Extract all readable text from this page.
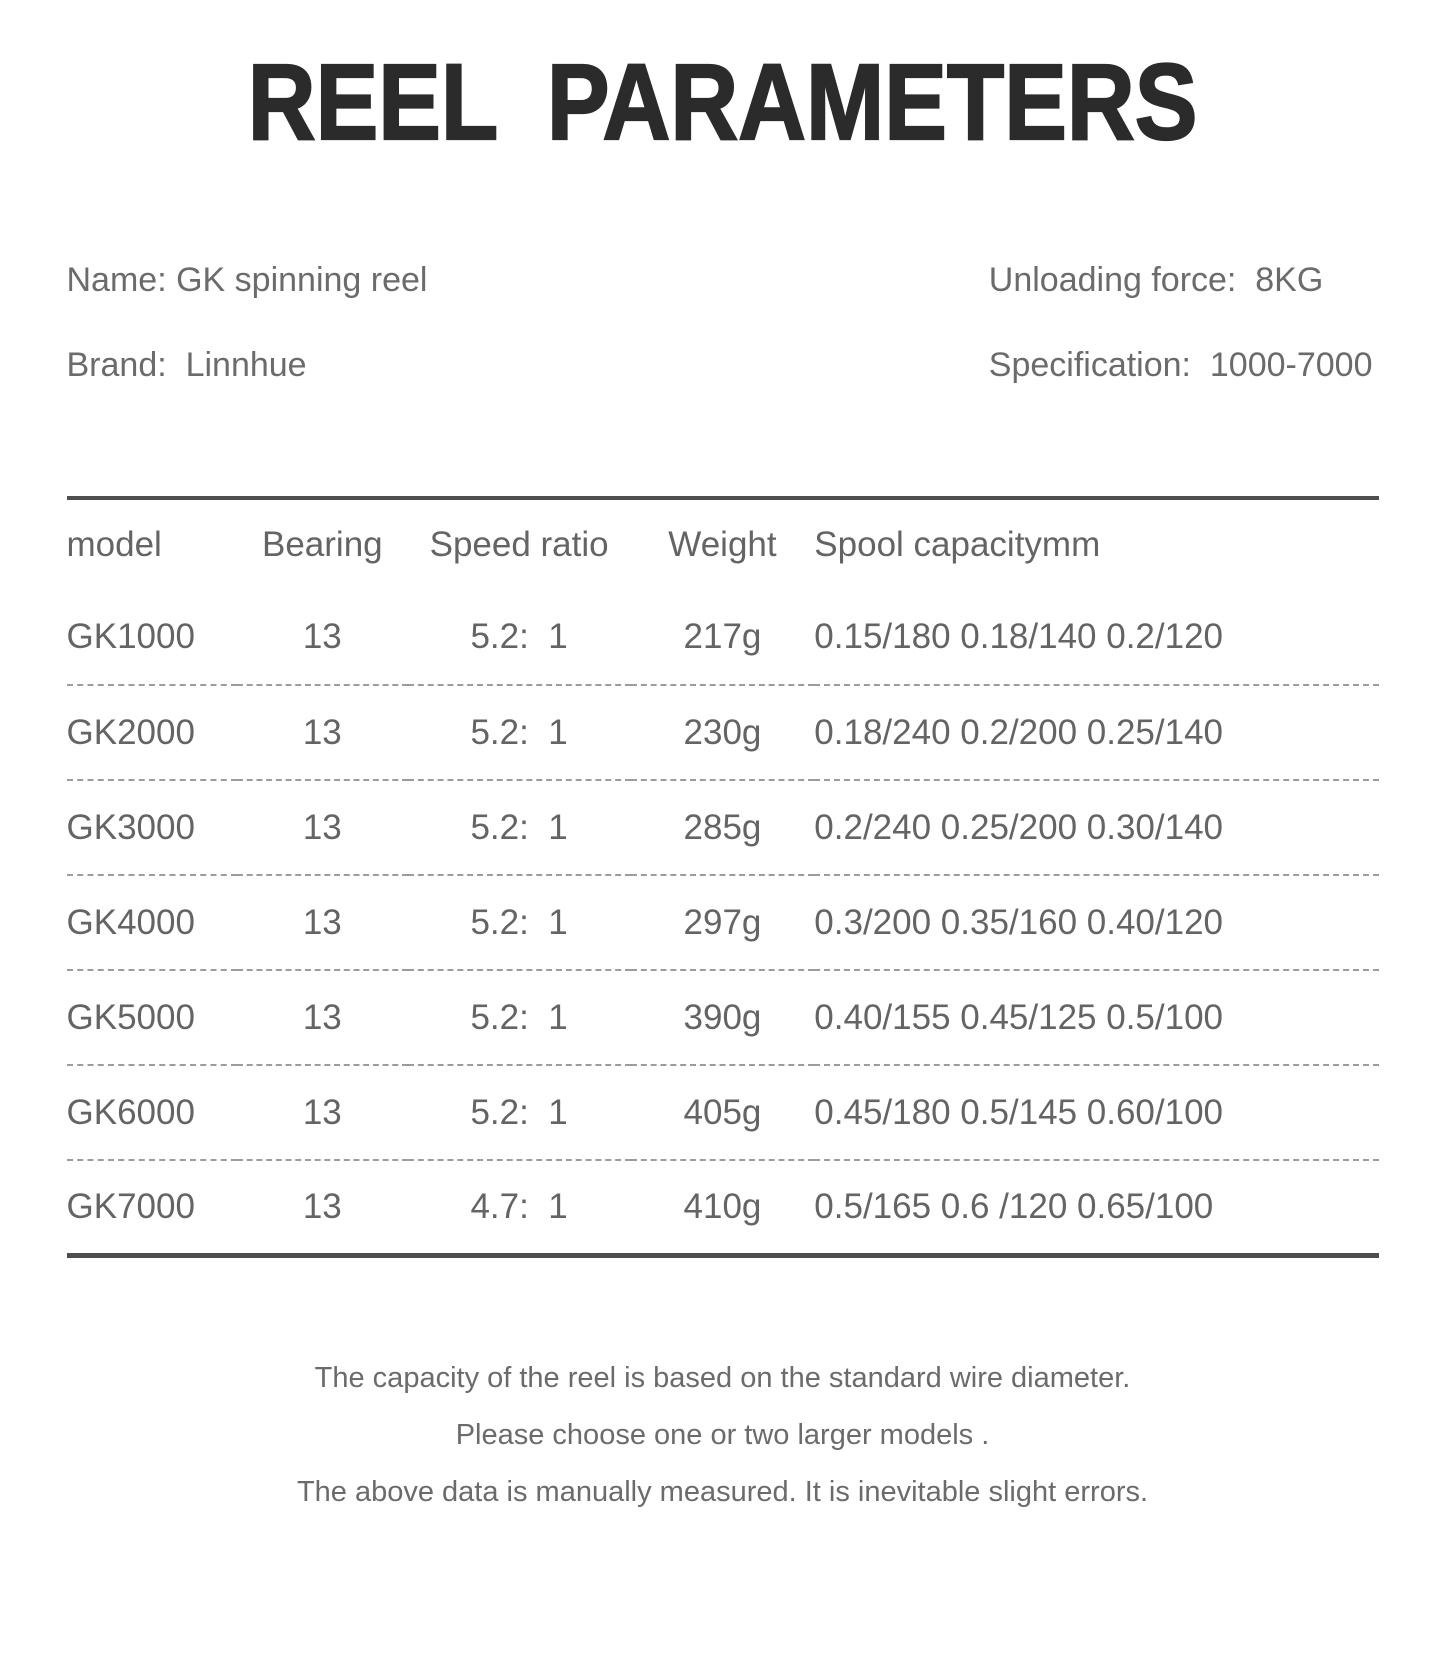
REEL PARAMETERS
Name: GK spinning reel
Brand:  Linnhue
Unloading force:  8KG
Specification:  1000-7000
model	Bearing	Speed ratio	Weight	Spool capacitymm
GK1000	13	5.2:  1	217g	0.15/180 0.18/140 0.2/120
GK2000	13	5.2:  1	230g	0.18/240 0.2/200 0.25/140
GK3000	13	5.2:  1	285g	0.2/240 0.25/200 0.30/140
GK4000	13	5.2:  1	297g	0.3/200 0.35/160 0.40/120
GK5000	13	5.2:  1	390g	0.40/155 0.45/125 0.5/100
GK6000	13	5.2:  1	405g	0.45/180 0.5/145 0.60/100
GK7000	13	4.7:  1	410g	0.5/165 0.6 /120 0.65/100
The capacity of the reel is based on the standard wire diameter.
Please choose one or two larger models .
The above data is manually measured. It is inevitable slight errors.
